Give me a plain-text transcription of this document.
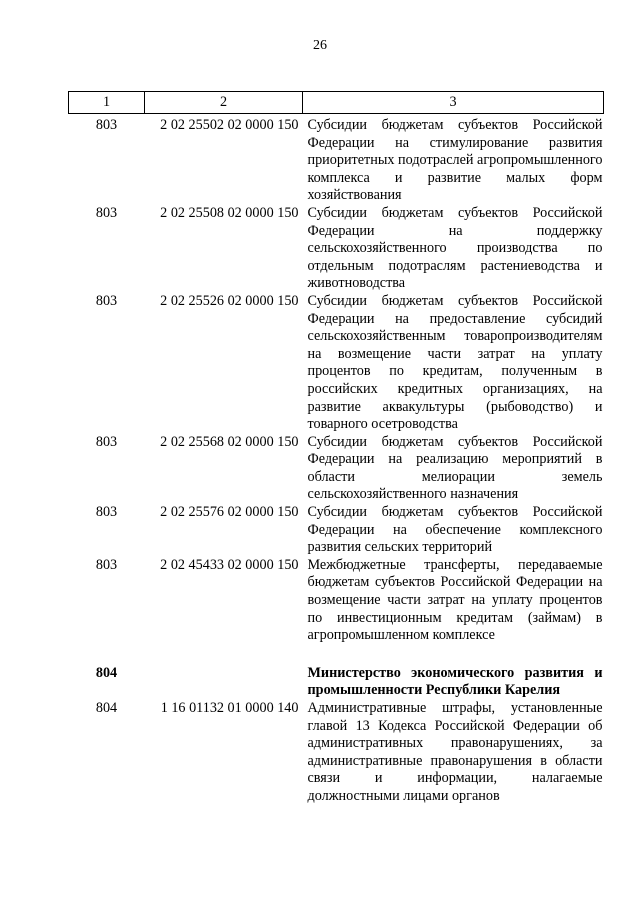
26
1	2	3
803	2 02 25502 02 0000 150	Субсидии бюджетам субъектов Российской Федерации на стимулирование развития приоритетных подотраслей агропромышленного комплекса и развитие малых форм хозяйствования
803	2 02 25508 02 0000 150	Субсидии бюджетам субъектов Российской Федерации на поддержку сельскохозяйственного производства по отдельным подотраслям растениеводства и животноводства
803	2 02 25526 02 0000 150	Субсидии бюджетам субъектов Российской Федерации на предоставление субсидий сельскохозяйственным товаропроизводителям на возмещение части затрат на уплату процентов по кредитам, полученным в российских кредитных организациях, на развитие аквакультуры (рыбоводство) и товарного осетроводства
803	2 02 25568 02 0000 150	Субсидии бюджетам субъектов Российской Федерации на реализацию мероприятий в области мелиорации земель сельскохозяйственного назначения
803	2 02 25576 02 0000 150	Субсидии бюджетам субъектов Российской Федерации на обеспечение комплексного развития сельских территорий
803	2 02 45433 02 0000 150	Межбюджетные трансферты, передаваемые бюджетам субъектов Российской Федерации на возмещение части затрат на уплату процентов по инвестиционным кредитам (займам) в агропромышленном комплексе
804		Министерство экономического развития и промышленности Республики Карелия
804	1 16 01132 01 0000 140	Административные штрафы, установленные главой 13 Кодекса Российской Федерации об административных правонарушениях, за административные правонарушения в области связи и информации, налагаемые должностными лицами органов
